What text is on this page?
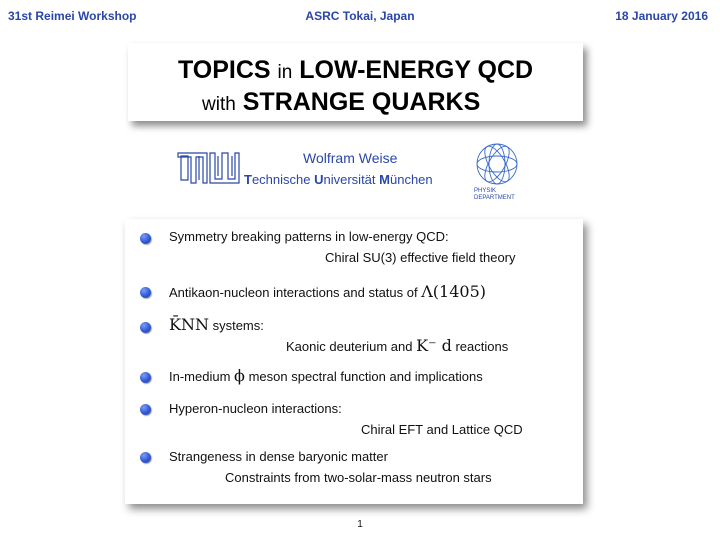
31st Reimei Workshop	ASRC Tokai, Japan	18 January 2016
TOPICS in LOW-ENERGY QCD
with STRANGE QUARKS
Wolfram Weise
Technische Universität München
PHYSIK
DEPARTMENT
Symmetry breaking patterns in low-energy QCD:
Chiral SU(3) effective field theory
Antikaon-nucleon interactions and status of Λ(1405)
K̄NN systems:
Kaonic deuterium and K⁻ d reactions
In-medium ϕ meson spectral function and implications
Hyperon-nucleon interactions:
Chiral EFT and Lattice QCD
Strangeness in dense baryonic matter
Constraints from two-solar-mass neutron stars
1
